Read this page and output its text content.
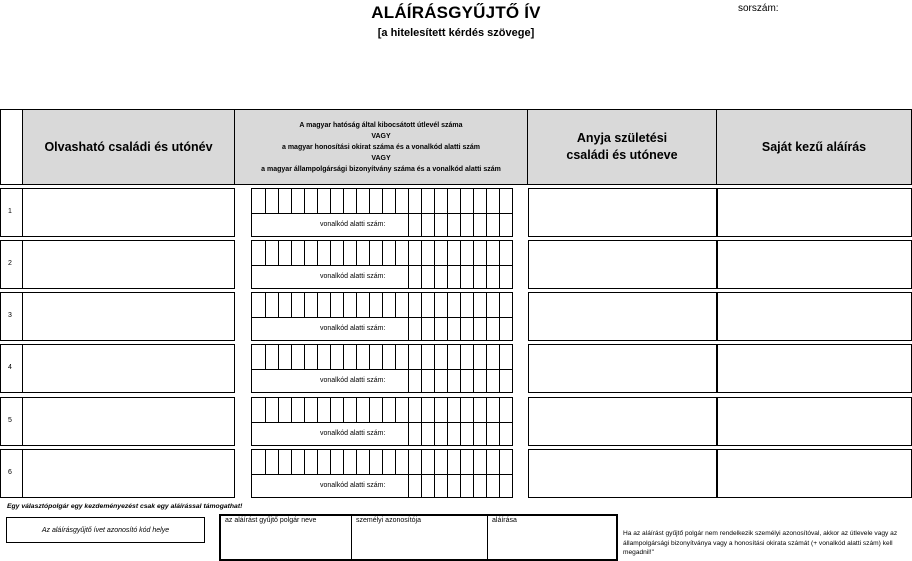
ALÁÍRÁSGYŰJTŐ ÍV
[a hitelesített kérdés szövege]
sorszám:
Olvasható családi és utónév
A magyar hatóság által kibocsátott útlevél száma
VAGY
a magyar honosítási okirat száma és a vonalkód alatti szám
VAGY
a magyar állampolgársági bizonyítvány száma és a vonalkód alatti szám
Anyja születési
családi és utóneve
Saját kezű aláírás
1
vonalkód alatti szám:
2
vonalkód alatti szám:
3
vonalkód alatti szám:
4
vonalkód alatti szám:
5
vonalkód alatti szám:
6
vonalkód alatti szám:
Egy választópolgár egy kezdeményezést csak egy aláírással támogathat!
Az aláírásgyűjtő ívet azonosító kód helye
az aláírást gyűjtő polgár neve	személyi azonosítója	aláírása
Ha az aláírást gyűjtő polgár nem rendelkezik személyi azonosítóval, akkor az útlevele vagy az állampolgársági bizonyítványa vagy a honosítási okirata számát (+ vonalkód alatti szám) kell megadnil!"
